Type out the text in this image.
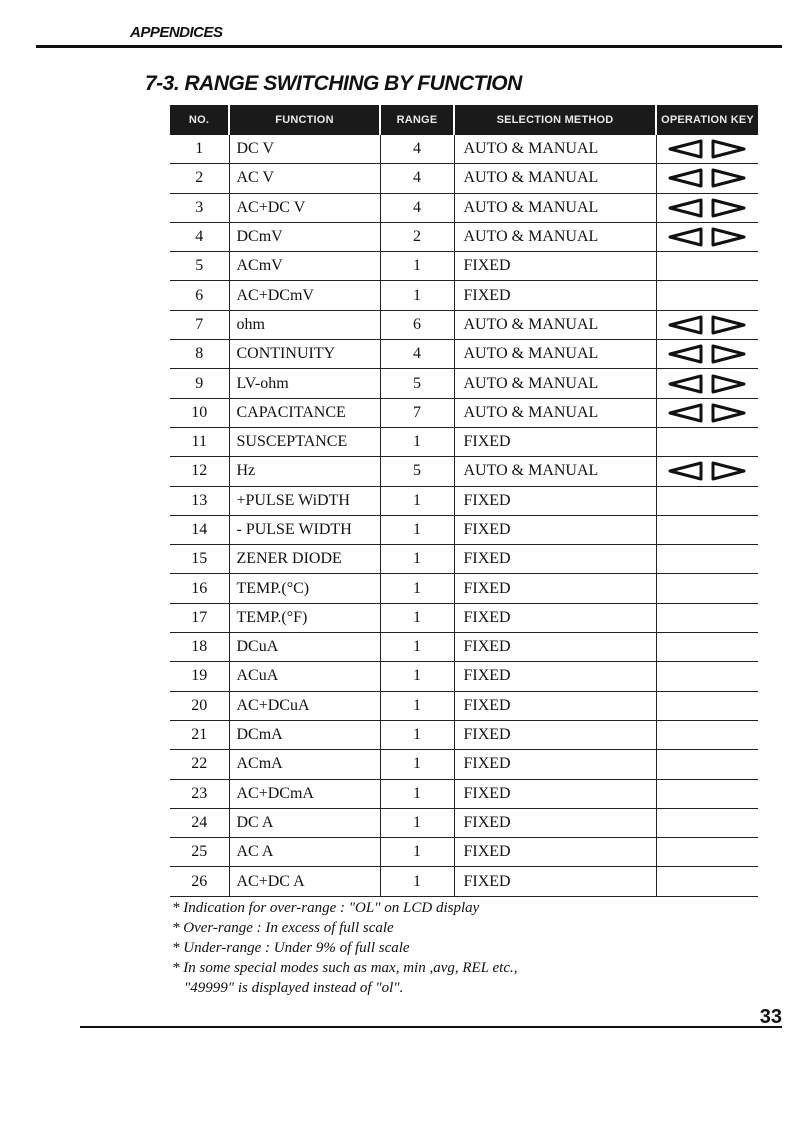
APPENDICES
7-3. RANGE SWITCHING BY FUNCTION
NO.	FUNCTION	RANGE	SELECTION METHOD	OPERATION KEY
1	DC V	4	AUTO & MANUAL	
2	AC V	4	AUTO & MANUAL	
3	AC+DC V	4	AUTO & MANUAL	
4	DCmV	2	AUTO & MANUAL	
5	ACmV	1	FIXED	
6	AC+DCmV	1	FIXED	
7	ohm	6	AUTO & MANUAL	
8	CONTINUITY	4	AUTO & MANUAL	
9	LV-ohm	5	AUTO & MANUAL	
10	CAPACITANCE	7	AUTO & MANUAL	
11	SUSCEPTANCE	1	FIXED	
12	Hz	5	AUTO & MANUAL	
13	+PULSE WiDTH	1	FIXED	
14	- PULSE WIDTH	1	FIXED	
15	ZENER DIODE	1	FIXED	
16	TEMP.(°C)	1	FIXED	
17	TEMP.(°F)	1	FIXED	
18	DCuA	1	FIXED	
19	ACuA	1	FIXED	
20	AC+DCuA	1	FIXED	
21	DCmA	1	FIXED	
22	ACmA	1	FIXED	
23	AC+DCmA	1	FIXED	
24	DC A	1	FIXED	
25	AC A	1	FIXED	
26	AC+DC A	1	FIXED	
* Indication for over-range : "OL" on LCD display
* Over-range : In excess of full scale
* Under-range : Under 9% of full scale
* In some special modes such as max, min ,avg, REL etc.,
"49999" is displayed instead of "ol".
33
